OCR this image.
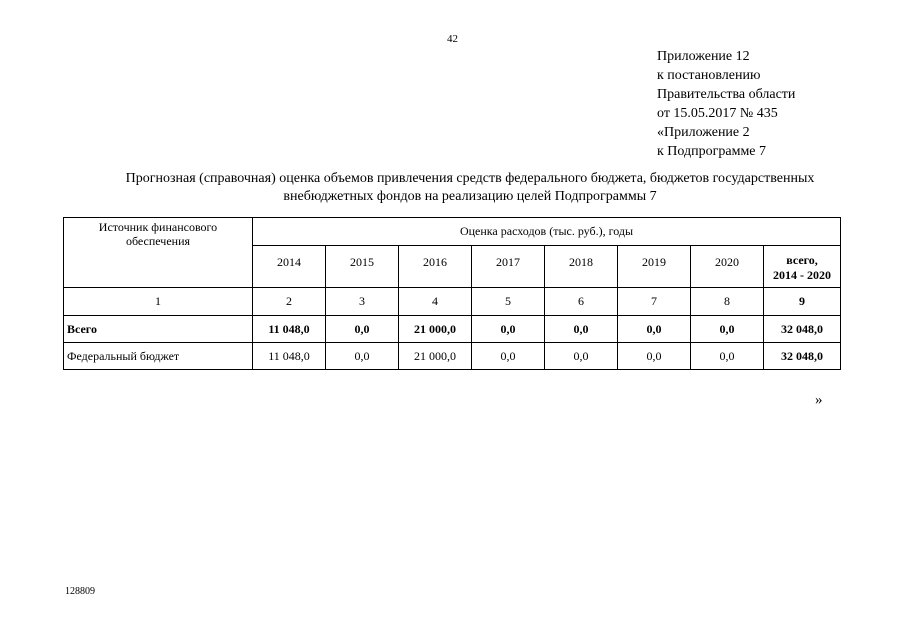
42
Приложение 12
к постановлению
Правительства области
от 15.05.2017 № 435
«Приложение 2
к Подпрограмме 7
Прогнозная (справочная) оценка объемов привлечения средств федерального бюджета, бюджетов государственных
внебюджетных фондов на реализацию целей Подпрограммы 7
Источник финансового обеспечения	Оценка расходов (тыс. руб.), годы							
	2014	2015	2016	2017	2018	2019	2020	всего,
2014 - 2020

1	2	3	4	5	6	7	8	9
Всего	11 048,0	0,0	21 000,0	0,0	0,0	0,0	0,0	32 048,0
Федеральный бюджет	11 048,0	0,0	21 000,0	0,0	0,0	0,0	0,0	32 048,0
»
128809
